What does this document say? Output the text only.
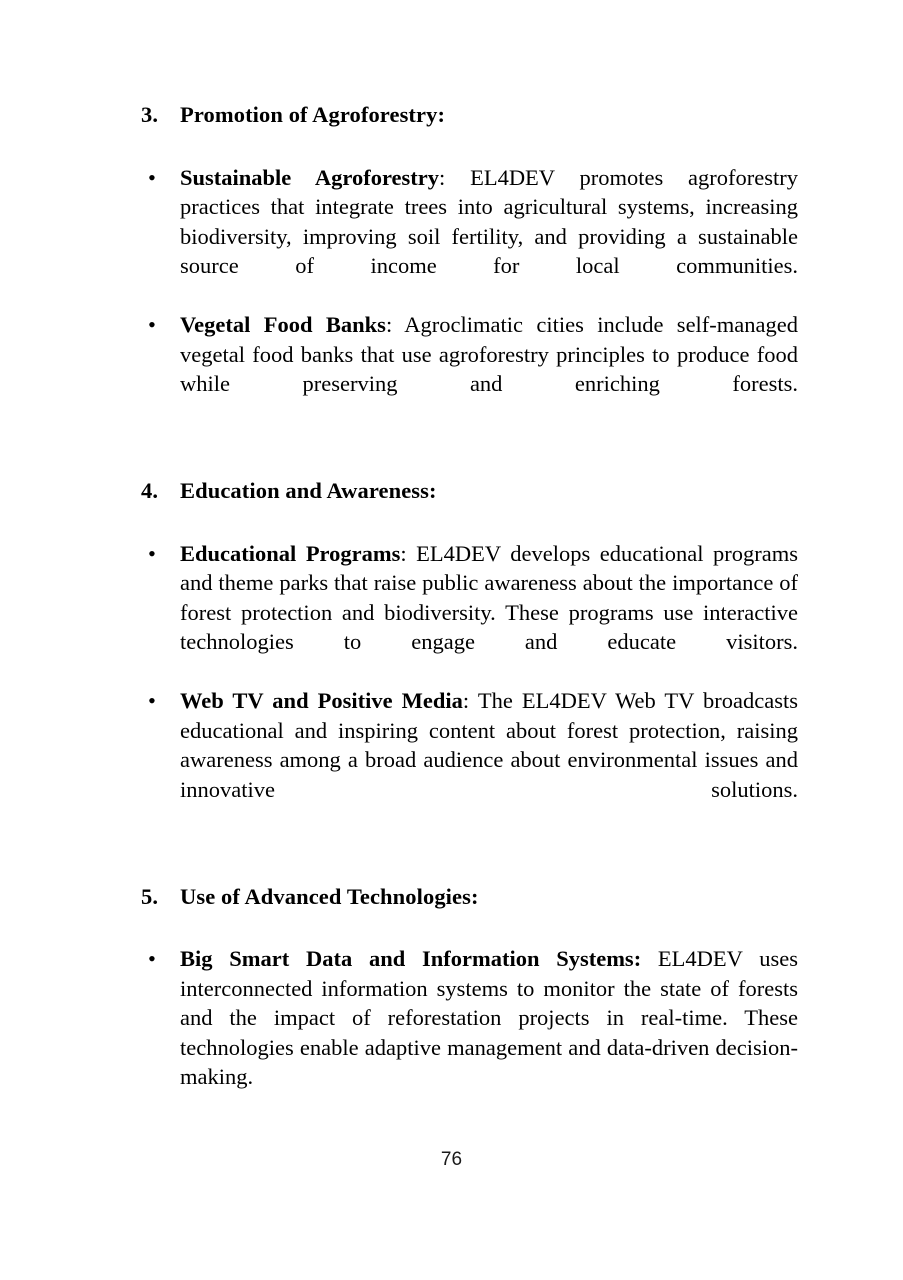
3. Promotion of Agroforestry:
• Sustainable Agroforestry: EL4DEV promotes agroforestry practices that integrate trees into agricultural systems, increasing biodiversity, improving soil fertility, and providing a sustainable source of income for local communities.
• Vegetal Food Banks: Agroclimatic cities include self-managed vegetal food banks that use agroforestry principles to produce food while preserving and enriching forests.
4. Education and Awareness:
• Educational Programs: EL4DEV develops educational programs and theme parks that raise public awareness about the importance of forest protection and biodiversity. These programs use interactive technologies to engage and educate visitors.
• Web TV and Positive Media: The EL4DEV Web TV broadcasts educational and inspiring content about forest protection, raising awareness among a broad audience about environmental issues and innovative solutions.
5. Use of Advanced Technologies:
• Big Smart Data and Information Systems: EL4DEV uses interconnected information systems to monitor the state of forests and the impact of reforestation projects in real-time. These technologies enable adaptive management and data-driven decision-making.
76
